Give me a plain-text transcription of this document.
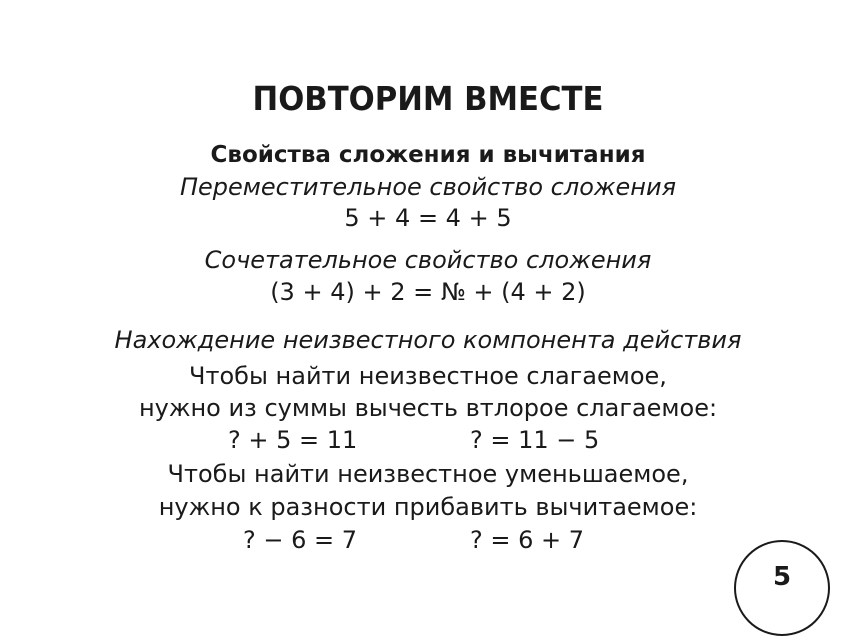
ПОВТОРИМ ВМЕСТЕ
Свойства сложения и вычитания
Переместительное свойство сложения
5 + 4 = 4 + 5
Сочетательное свойство сложения
(3 + 4) + 2 = № + (4 + 2)
Нахождение неизвестного компонента действия
Чтобы найти неизвестное слагаемое,
нужно из суммы вычесть втлорое слагаемое:
? + 5 = 11	? = 11 − 5
Чтобы найти неизвестное уменьшаемое,
нужно к разности прибавить вычитаемое:
? − 6 = 7	? = 6 + 7
5
